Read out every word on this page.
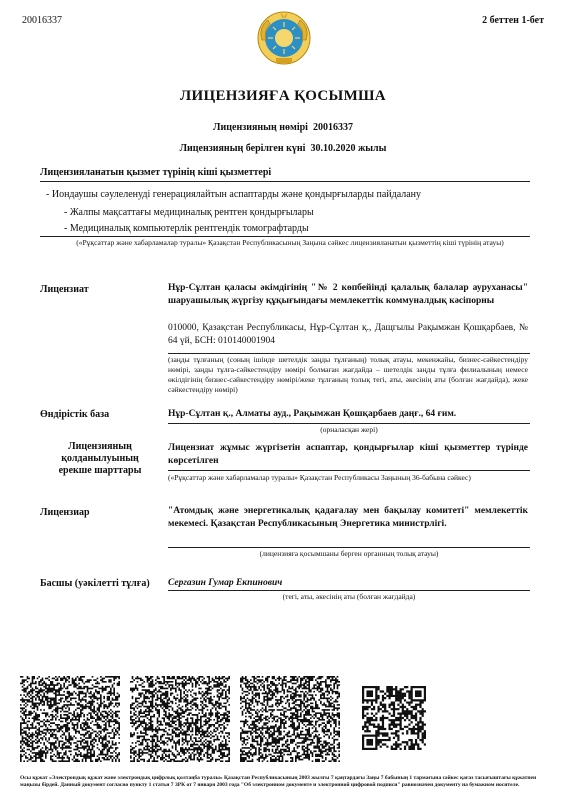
20016337	2 беттен 1-бет
ЛИЦЕНЗИЯҒА ҚОСЫМША
Лицензияның нөмірі 20016337
Лицензияның берілген күні 30.10.2020 жылы
Лицензияланатын қызмет түрінің кіші қызметтері
- Иондаушы сәулеленуді генерациялайтын аспаптарды және қондырғыларды пайдалану
- Жалпы мақсаттағы медициналық рентген қондырғылары
- Медициналық компьютерлік рентгендік томографтарды
(«Рұқсаттар және хабарламалар туралы» Қазақстан Республикасының Заңына сәйкес лицензияланатын қызметтің кіші түрінің атауы)
Лицензиат	Нұр-Сұлтан қаласы әкімдігінің "№ 2 көпбейінді қалалық балалар ауруханасы" шаруашылық жүргізу құқығындағы мемлекеттік коммуналдық кәсіпорны
010000, Қазақстан Республикасы, Нұр-Сұлтан қ., Дащгылы Рақымжан Қошқарбаев, № 64 үй, БСН: 010140001904
(заңды тұлғаның (соның ішінде шетелдік заңды тұлғаның) толық атауы, мекенжайы, бизнес-сәйкестендіру нөмірі, заңды тұлға-сәйкестендіру нөмірі болмаған жағдайда – шетелдік заңды тұлға филиалының немесе өкілдігінің бизнес-сәйкестендіру нөмірі/жеке тұлғаның толық тегі, аты, әкесінің аты (болған жағдайда), жеке сәйкестендіру нөмірі)
Өндірістік база	Нұр-Сұлтан қ., Алматы ауд., Рақымжан Қошқарбаев даңғ., 64 ғим.
(орналасқан жері)
Лицензияның
қолданылуының
ерекше шарттары
Лицензиат жұмыс жүргізетін аспаптар, қондырғылар кіші қызметтер түрінде көрсетілген
(«Рұқсаттар және хабарламалар туралы» Қазақстан Республикасы Заңының 36-бабына сәйкес)
Лицензиар	"Атомдық және энергетикалық қадағалау мен бақылау комитеті" мемлекеттік мекемесі. Қазақстан Республикасының Энергетика министрлігі.
(лицензияға қосымшаны берген органның толық атауы)
Басшы (уәкілетті тұлға) Сергазин Гумар Екпинович
(тегі, аты, әкесінің аты (болған жағдайда)
Осы құжат «Электрондық құжат және электрондық цифрлық қолтаңба туралы» Қазақстан Республикасының 2003 жылғы 7 қаңтардағы Заңы 7 бабының 1 тармағына сәйкес қағаз тасығыштағы құжатпен маңызы бірдей. Данный документ согласно пункту 1 статьи 7 ЗРК от 7 января 2003 года "Об электронном документе и электронной цифровой подписи" равнозначен документу на бумажном носителе.
